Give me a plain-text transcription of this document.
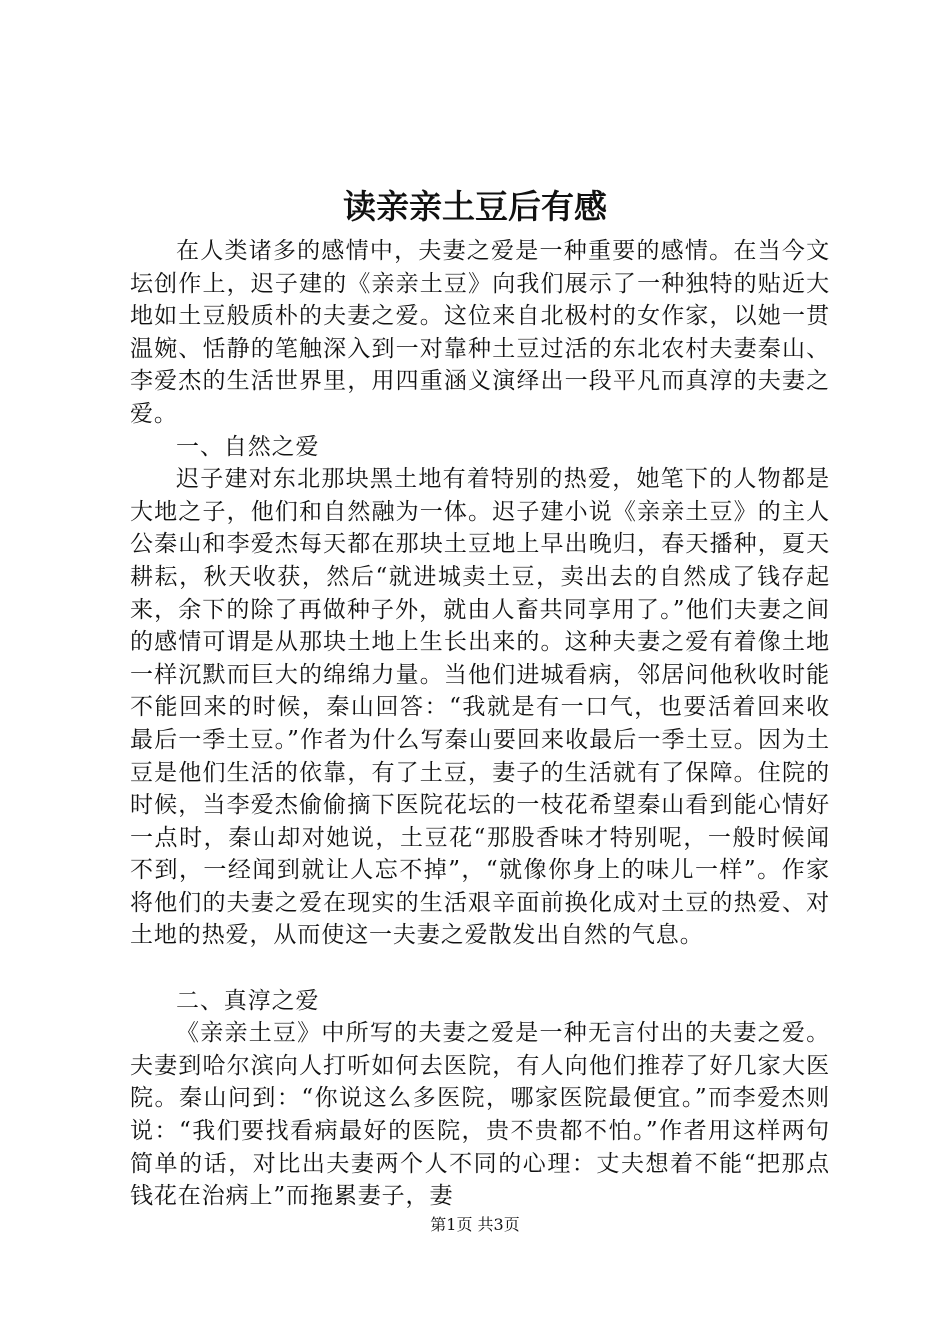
读亲亲土豆后有感

在人类诸多的感情中，夫妻之爱是一种重要的感情。在当今文坛创作上，迟子建的《亲亲土豆》向我们展示了一种独特的贴近大地如土豆般质朴的夫妻之爱。这位来自北极村的女作家，以她一贯温婉、恬静的笔触深入到一对靠种土豆过活的东北农村夫妻秦山、李爱杰的生活世界里，用四重涵义演绎出一段平凡而真淳的夫妻之爱。

一、自然之爱

迟子建对东北那块黑土地有着特别的热爱，她笔下的人物都是大地之子，他们和自然融为一体。迟子建小说《亲亲土豆》的主人公秦山和李爱杰每天都在那块土豆地上早出晚归，春天播种，夏天耕耘，秋天收获，然后“就进城卖土豆，卖出去的自然成了钱存起来，余下的除了再做种子外，就由人畜共同享用了。”他们夫妻之间的感情可谓是从那块土地上生长出来的。这种夫妻之爱有着像土地一样沉默而巨大的绵绵力量。当他们进城看病，邻居问他秋收时能不能回来的时候，秦山回答：“我就是有一口气，也要活着回来收最后一季土豆。”作者为什么写秦山要回来收最后一季土豆。因为土豆是他们生活的依靠，有了土豆，妻子的生活就有了保障。住院的时候，当李爱杰偷偷摘下医院花坛的一枝花希望秦山看到能心情好一点时，秦山却对她说，土豆花“那股香味才特别呢，一般时候闻不到，一经闻到就让人忘不掉”，“就像你身上的味儿一样”。作家将他们的夫妻之爱在现实的生活艰辛面前换化成对土豆的热爱、对土地的热爱，从而使这一夫妻之爱散发出自然的气息。

二、真淳之爱

《亲亲土豆》中所写的夫妻之爱是一种无言付出的夫妻之爱。夫妻到哈尔滨向人打听如何去医院，有人向他们推荐了好几家大医院。秦山问到：“你说这么多医院，哪家医院最便宜。”而李爱杰则说：“我们要找看病最好的医院，贵不贵都不怕。”作者用这样两句简单的话，对比出夫妻两个人不同的心理：丈夫想着不能“把那点钱花在治病上”而拖累妻子，妻

第1页 共3页
